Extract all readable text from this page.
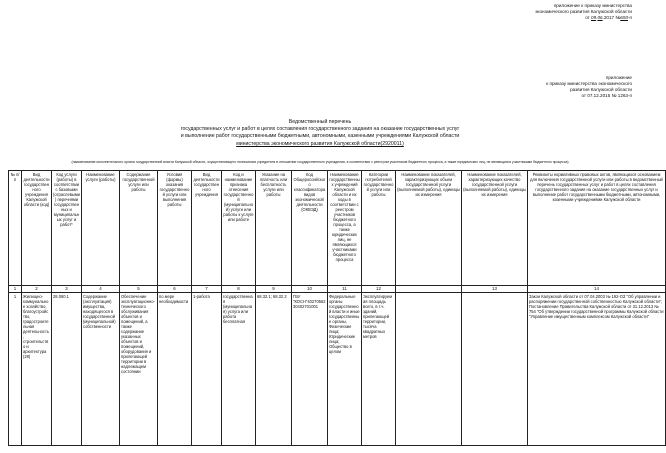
приложение к приказу министерства
экономического развития Калужской области
от 09.06.2017 №693-п
приложение
к приказу министерства экономического
развития Калужской области
от 07.12.2015 № 1263-п
Ведомственный перечень
государственных услуг и работ в целях составления государственного задания на оказание государственных услуг
и выполнение работ государственными бюджетными, автономными, казенными учреждениями Калужской области
министерства экономического развития Калужской области(2920011)
(наименование исполнительного органа государственной власти Калужской области, осуществляющего полномочия учредителя в отношении государственного учреждения, в соответствии с реестром участников бюджетного процесса, а также юридических лиц, не являющихся участниками бюджетного процесса)
№ п/п	Вид деятельности государственного учреждения Калужской области (код)	Код услуги (работы) в соответствии с базовыми (отраслевыми) перечнями государственных и муниципальных услуг и работ*	Наименование услуги (работы)	Содержание государственной услуги или работы	Условия (формы) оказания государственной услуги или выполнения работы	Вид деятельности государственного учреждения	Код и наименование признака отнесения государственной (муниципальной) услуги или работы к услуге или работе	Указание на платность или бесплатность услуги или работы	Код Общероссийского классификатора видов экономической деятельности (ОКВЭД)	Наименование государственных учреждений Калужской области и их коды в соответствии с реестром участников бюджетного процесса, а также юридических лиц, не являющихся участниками бюджетного процесса	Категории потребителей государственной услуги или работы	Наименование показателей, характеризующих объем государственной услуги (выполняемой работы), единицы их измерения	Наименование показателей, характеризующих качество государственной услуги (выполняемой работы), единицы их измерения	Реквизиты нормативных правовых актов, являющихся основанием для включения государственной услуги или работы в ведомственный перечень государственных услуг и работ в целях составления государственного задания на оказание государственных услуг и выполнение работ государственными бюджетными, автономными, казенными учреждениями Калужской области
1	2	3	4	5	6	7	8	9	10	11	12		13	14
1	Жилищно-коммунальное хозяйство, благоустройство, градостроительная деятельность, строительство и архитектура (28)	28.060.1	Содержание (эксплуатация) имущества, находящегося в государственной (муниципальной) собственности	Обеспечение эксплуатационно-технического обслуживания объектов и помещений, а также содержание указанных объектов и помещений, оборудования и прилегающей территории в надлежащем состоянии	по мере необходимости	1-работа	государственная (муниципальная) услуга или работа бесплатная	68.32.1; 68.32.2	ГБУ "КОСН"4027056230402701001	Федеральные органы государственной власти и иные государственные органы, Физические лица; Юридические лица; Общество в целом	Эксплуатируемая площадь всего, в т.ч. зданий, прилегающей территории, тысяча квадратных метров			Закон Калужской области от 07.04.2003 № 192-ОЗ "Об управлении и распоряжении государственной собственностью Калужской области"; Постановление Правительства Калужской области от 31.12.2013 № 754 "Об утверждении государственной программы Калужской области "Управление имущественным комплексом Калужской области"
